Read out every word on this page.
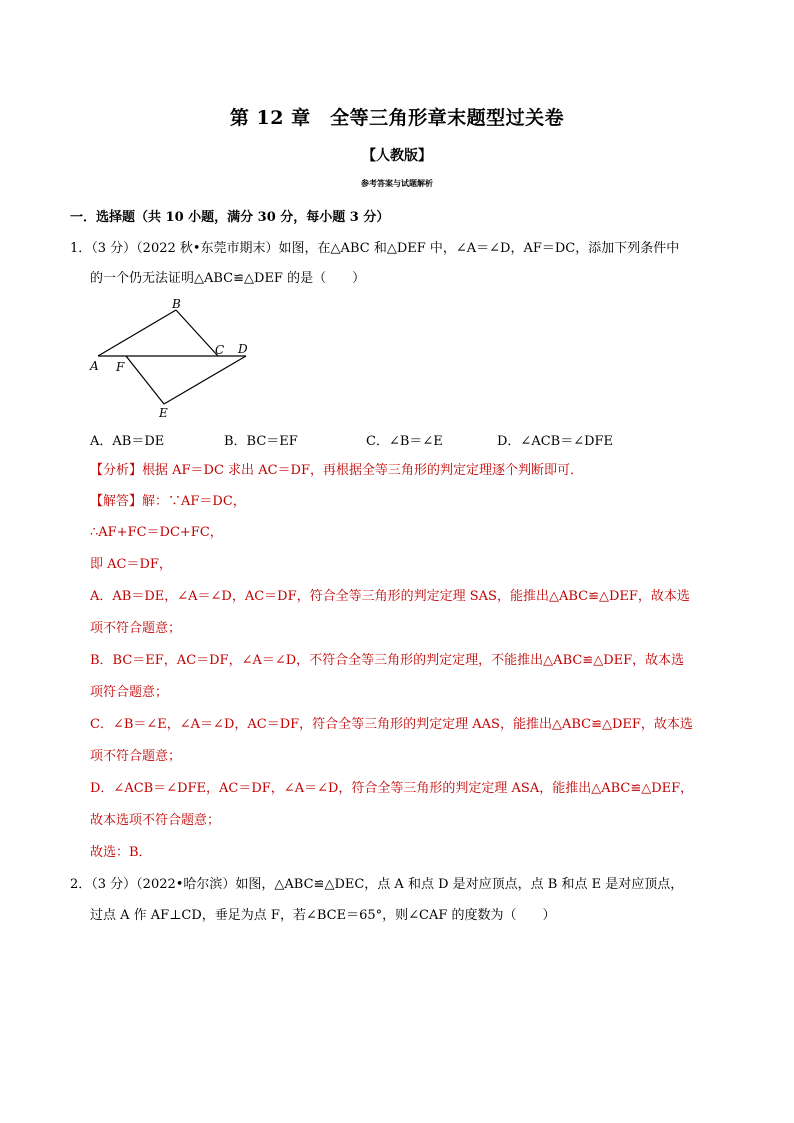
第 12 章　全等三角形章末题型过关卷
【人教版】
参考答案与试题解析
一．选择题（共 10 小题，满分 30 分，每小题 3 分）
1．（3 分）（2022 秋•东莞市期末）如图，在△ABC 和△DEF 中，∠A＝∠D，AF＝DC，添加下列条件中
的一个仍无法证明△ABC≌△DEF 的是（　　）
B
A F
C D
E
A．AB＝DE	B．BC＝EF	C．∠B＝∠E	D．∠ACB＝∠DFE
【分析】根据 AF＝DC 求出 AC＝DF，再根据全等三角形的判定定理逐个判断即可．
【解答】解：∵AF＝DC，
∴AF+FC＝DC+FC，
即 AC＝DF，
A．AB＝DE，∠A＝∠D，AC＝DF，符合全等三角形的判定定理 SAS，能推出△ABC≌△DEF，故本选
项不符合题意；
B．BC＝EF，AC＝DF，∠A＝∠D，不符合全等三角形的判定定理，不能推出△ABC≌△DEF，故本选
项符合题意；
C．∠B＝∠E，∠A＝∠D，AC＝DF，符合全等三角形的判定定理 AAS，能推出△ABC≌△DEF，故本选
项不符合题意；
D．∠ACB＝∠DFE，AC＝DF，∠A＝∠D，符合全等三角形的判定定理 ASA，能推出△ABC≌△DEF，
故本选项不符合题意；
故选：B．
2．（3 分）（2022•哈尔滨）如图，△ABC≌△DEC，点 A 和点 D 是对应顶点，点 B 和点 E 是对应顶点，
过点 A 作 AF⊥CD，垂足为点 F，若∠BCE＝65°，则∠CAF 的度数为（　　）
